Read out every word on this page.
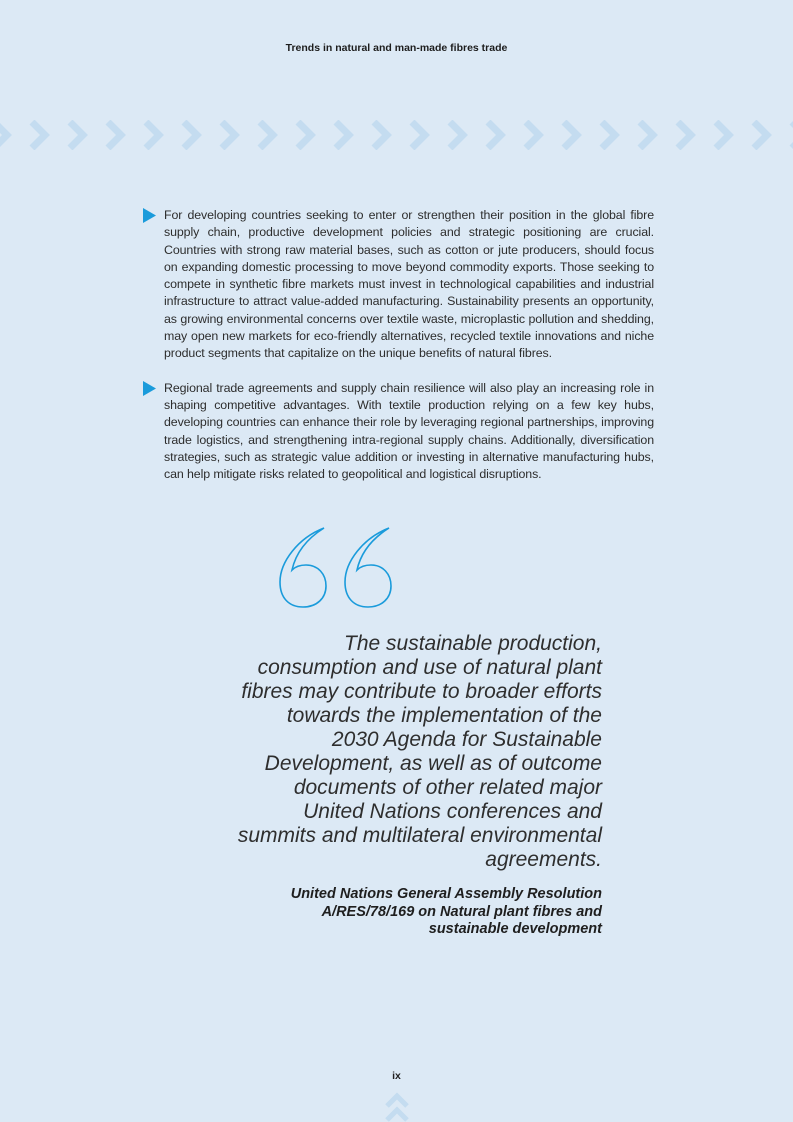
Trends in natural and man-made fibres trade
For developing countries seeking to enter or strengthen their position in the global fibre supply chain, productive development policies and strategic positioning are crucial. Countries with strong raw material bases, such as cotton or jute producers, should focus on expanding domestic processing to move beyond commodity exports. Those seeking to compete in synthetic fibre markets must invest in technological capabilities and industrial infrastructure to attract value-added manufacturing. Sustainability presents an opportunity, as growing environmental concerns over textile waste, microplastic pollution and shedding, may open new markets for eco-friendly alternatives, recycled textile innovations and niche product segments that capitalize on the unique benefits of natural fibres.
Regional trade agreements and supply chain resilience will also play an increasing role in shaping competitive advantages. With textile production relying on a few key hubs, developing countries can enhance their role by leveraging regional partnerships, improving trade logistics, and strengthening intra-regional supply chains. Additionally, diversification strategies, such as strategic value addition or investing in alternative manufacturing hubs, can help mitigate risks related to geopolitical and logistical disruptions.

The sustainable production, consumption and use of natural plant fibres may contribute to broader efforts towards the implementation of the 2030 Agenda for Sustainable Development, as well as of outcome documents of other related major United Nations conferences and summits and multilateral environmental agreements.

United Nations General Assembly Resolution A/RES/78/169 on Natural plant fibres and sustainable development

ix
